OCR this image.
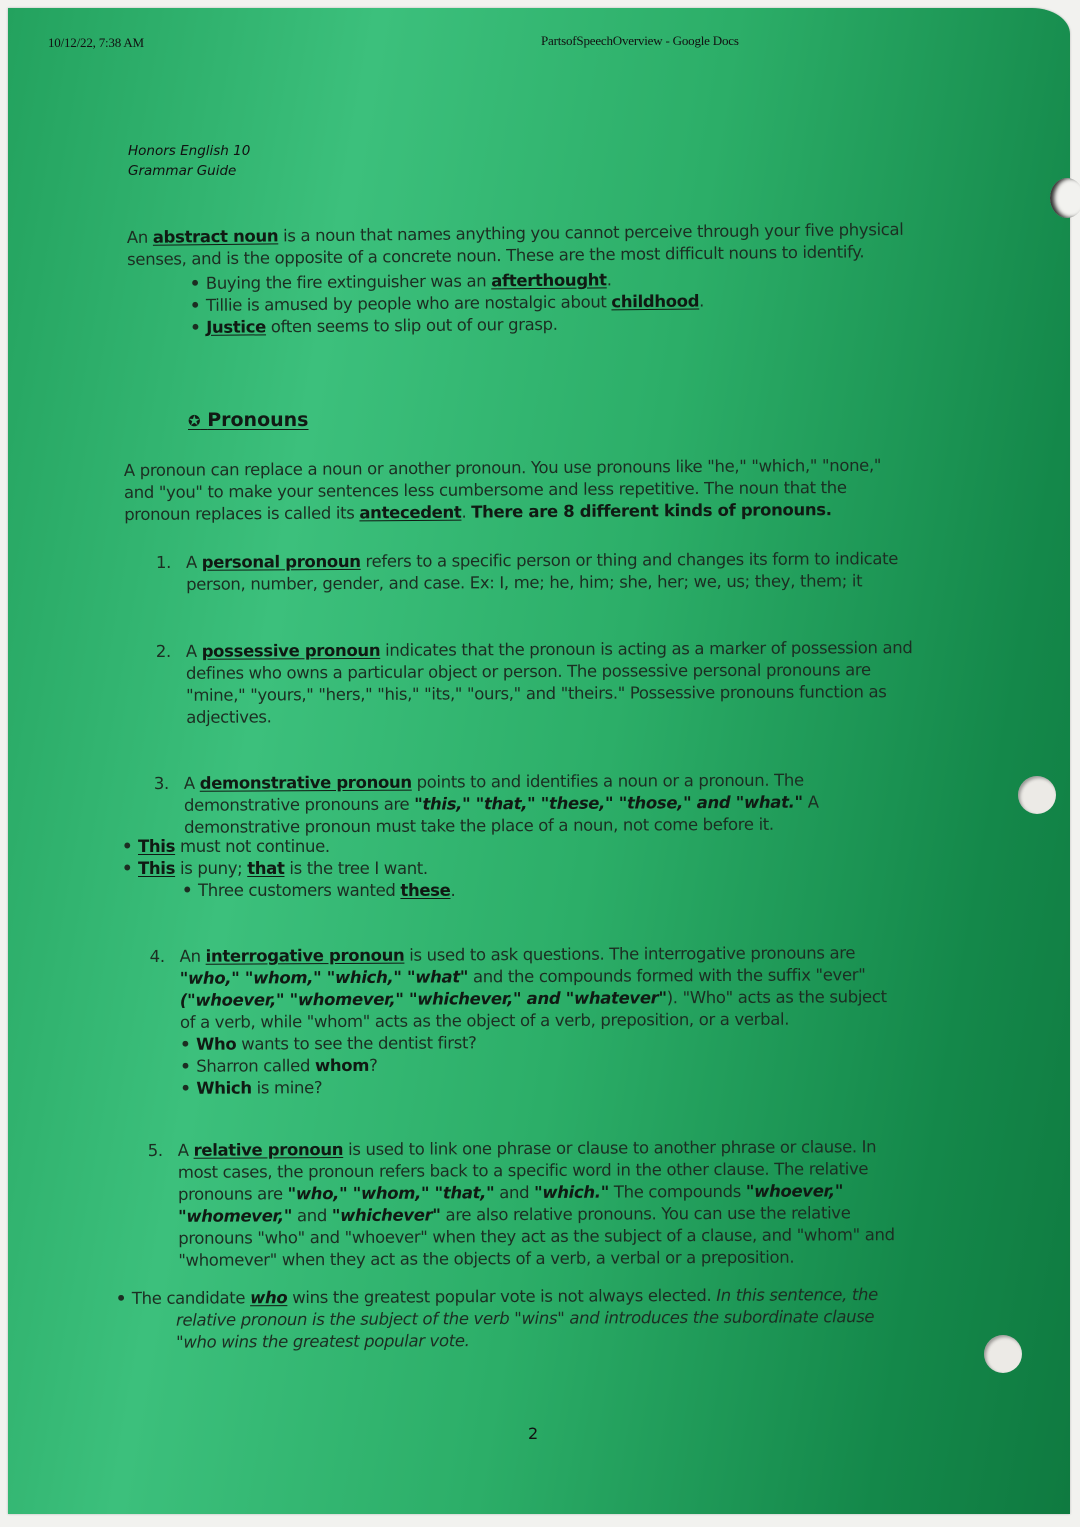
10/12/22, 7:38 AM	PartsofSpeechOverview - Google Docs
Honors English 10
Grammar Guide
An abstract noun is a noun that names anything you cannot perceive through your five physical
senses, and is the opposite of a concrete noun. These are the most difficult nouns to identify.
• Buying the fire extinguisher was an afterthought.
• Tillie is amused by people who are nostalgic about childhood.
• Justice often seems to slip out of our grasp.
✪ Pronouns
A pronoun can replace a noun or another pronoun. You use pronouns like "he," "which," "none,"
and "you" to make your sentences less cumbersome and less repetitive. The noun that the
pronoun replaces is called its antecedent. There are 8 different kinds of pronouns.
1. A personal pronoun refers to a specific person or thing and changes its form to indicate
person, number, gender, and case. Ex: I, me; he, him; she, her; we, us; they, them; it
2. A possessive pronoun indicates that the pronoun is acting as a marker of possession and
defines who owns a particular object or person. The possessive personal pronouns are
"mine," "yours," "hers," "his," "its," "ours," and "theirs." Possessive pronouns function as
adjectives.
3. A demonstrative pronoun points to and identifies a noun or a pronoun. The
demonstrative pronouns are "this," "that," "these," "those," and "what." A
demonstrative pronoun must take the place of a noun, not come before it.
• This must not continue.
• This is puny; that is the tree I want.
• Three customers wanted these.
4. An interrogative pronoun is used to ask questions. The interrogative pronouns are
"who," "whom," "which," "what" and the compounds formed with the suffix "ever"
("whoever," "whomever," "whichever," and "whatever"). "Who" acts as the subject
of a verb, while "whom" acts as the object of a verb, preposition, or a verbal.
• Who wants to see the dentist first?
• Sharron called whom?
• Which is mine?
5. A relative pronoun is used to link one phrase or clause to another phrase or clause. In
most cases, the pronoun refers back to a specific word in the other clause. The relative
pronouns are "who," "whom," "that," and "which." The compounds "whoever,"
"whomever," and "whichever" are also relative pronouns. You can use the relative
pronouns "who" and "whoever" when they act as the subject of a clause, and "whom" and
"whomever" when they act as the objects of a verb, a verbal or a preposition.
• The candidate who wins the greatest popular vote is not always elected. In this sentence, the
relative pronoun is the subject of the verb "wins" and introduces the subordinate clause
"who wins the greatest popular vote.
2
